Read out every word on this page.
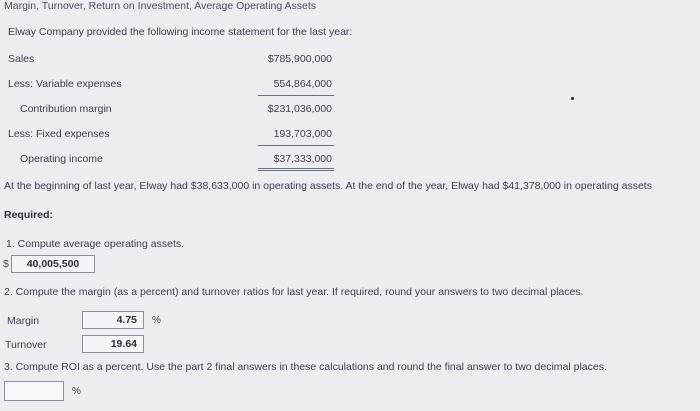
Margin, Turnover, Return on Investment, Average Operating Assets
Elway Company provided the following income statement for the last year:
Sales	$785,900,000
Less: Variable expenses	554,864,000
Contribution margin	$231,036,000
Less: Fixed expenses	193,703,000
Operating income	$37,333,000
At the beginning of last year, Elway had $38,633,000 in operating assets. At the end of the year, Elway had $41,378,000 in operating assets
Required:
1. Compute average operating assets.
$	40,005,500
2. Compute the margin (as a percent) and turnover ratios for last year. If required, round your answers to two decimal places.
Margin	4.75	%
Turnover	19.64
3. Compute ROI as a percent. Use the part 2 final answers in these calculations and round the final answer to two decimal places.
%
